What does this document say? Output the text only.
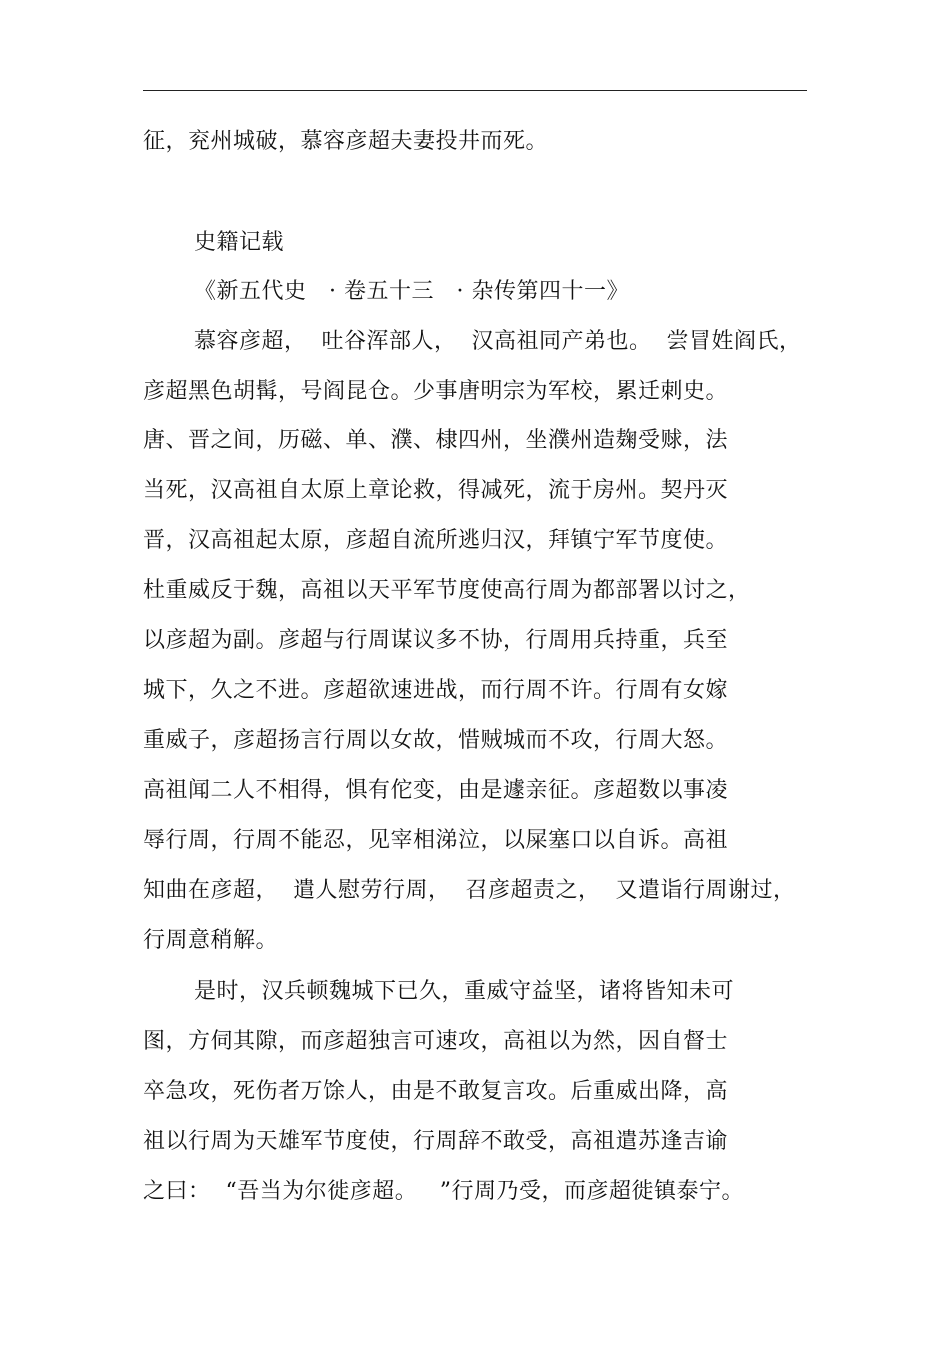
征，兖州城破，慕容彦超夫妻投井而死。
史籍记载
《新五代史　· 卷五十三　· 杂传第四十一》
慕容彦超，  吐谷浑部人，  汉高祖同产弟也。  尝冒姓阎氏，
彦超黑色胡髯，号阎昆仓。少事唐明宗为军校，累迁刺史。
唐、晋之间，历磁、单、濮、棣四州，坐濮州造麹受赇，法
当死，汉高祖自太原上章论救，得减死，流于房州。契丹灭
晋，汉高祖起太原，彦超自流所逃归汉，拜镇宁军节度使。
杜重威反于魏，高祖以天平军节度使高行周为都部署以讨之，
以彦超为副。彦超与行周谋议多不协，行周用兵持重，兵至
城下，久之不进。彦超欲速进战，而行周不许。行周有女嫁
重威子，彦超扬言行周以女故，惜贼城而不攻，行周大怒。
高祖闻二人不相得，惧有佗变，由是遽亲征。彦超数以事凌
辱行周，行周不能忍，见宰相涕泣，以屎塞口以自诉。高祖
知曲在彦超，  遣人慰劳行周，  召彦超责之，  又遣诣行周谢过，
行周意稍解。
是时，汉兵顿魏城下已久，重威守益坚，诸将皆知未可
图，方伺其隙，而彦超独言可速攻，高祖以为然，因自督士
卒急攻，死伤者万馀人，由是不敢复言攻。后重威出降，高
祖以行周为天雄军节度使，行周辞不敢受，高祖遣苏逢吉谕
之曰：  “吾当为尔徙彦超。   ”行周乃受，而彦超徙镇泰宁。
